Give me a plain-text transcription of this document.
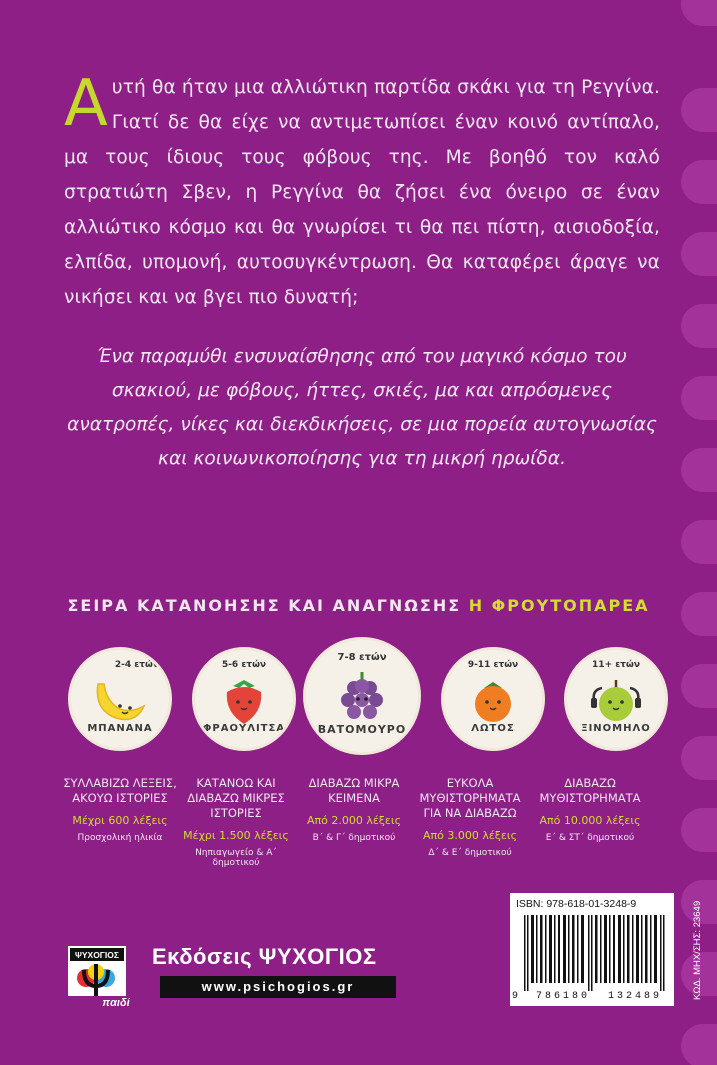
Αυτή θα ήταν μια αλλιώτικη παρτίδα σκάκι για τη Ρεγγίνα. Γιατί δε θα είχε να αντιμετωπίσει έναν κοινό αντίπαλο, μα τους ίδιους τους φόβους της. Με βοηθό τον καλό στρατιώτη Σβεν, η Ρεγγίνα θα ζήσει ένα όνειρο σε έναν αλλιώτικο κόσμο και θα γνωρίσει τι θα πει πίστη, αισιοδοξία, ελπίδα, υπομονή, αυτοσυγκέντρωση. Θα καταφέρει άραγε να νικήσει και να βγει πιο δυνατή;
Ένα παραμύθι ενσυναίσθησης από τον μαγικό κόσμο του σκακιού, με φόβους, ήττες, σκιές, μα και απρόσμενες ανατροπές, νίκες και διεκδικήσεις, σε μια πορεία αυτογνωσίας και κοινωνικοποίησης για τη μικρή ηρωίδα.
ΣΕΙΡΑ ΚΑΤΑΝΟΗΣΗΣ ΚΑΙ ΑΝΑΓΝΩΣΗΣ Η ΦΡΟΥΤΟΠΑΡΕΑ
2-4 ετών
ΜΠΑΝΑΝΑ
5-6 ετών
ΦΡΑΟΥΛΙΤΣΑ
7-8 ετών
ΒΑΤΟΜΟΥΡΟ
9-11 ετών
ΛΩΤΟΣ
11+ ετών
ΞΙΝΟΜΗΛΟ
ΣΥΛΛΑΒΙΖΩ ΛΕΞΕΙΣ, ΑΚΟΥΩ ΙΣΤΟΡΙΕΣ
Μέχρι 600 λέξεις
Προσχολική ηλικία
ΚΑΤΑΝΟΩ ΚΑΙ ΔΙΑΒΑΖΩ ΜΙΚΡΕΣ ΙΣΤΟΡΙΕΣ
Μέχρι 1.500 λέξεις
Νηπιαγωγείο & Α΄ δημοτικού
ΔΙΑΒΑΖΩ ΜΙΚΡΑ ΚΕΙΜΕΝΑ
Από 2.000 λέξεις
Β΄ & Γ΄ δημοτικού
ΕΥΚΟΛΑ ΜΥΘΙΣΤΟΡΗΜΑΤΑ ΓΙΑ ΝΑ ΔΙΑΒΑΖΩ
Από 3.000 λέξεις
Δ΄ & Ε΄ δημοτικού
ΔΙΑΒΑΖΩ ΜΥΘΙΣΤΟΡΗΜΑΤΑ
Από 10.000 λέξεις
Ε΄ & ΣΤ΄ δημοτικού
ISBN: 978-618-01-3248-9
9 786180 132489	ΚΩΔ. ΜΗΧ/ΣΗΣ: 23649
ΨΥΧΟΓΙΟΣ
παιδί
Εκδόσεις ΨΥΧΟΓΙΟΣ
www.psichogios.gr
